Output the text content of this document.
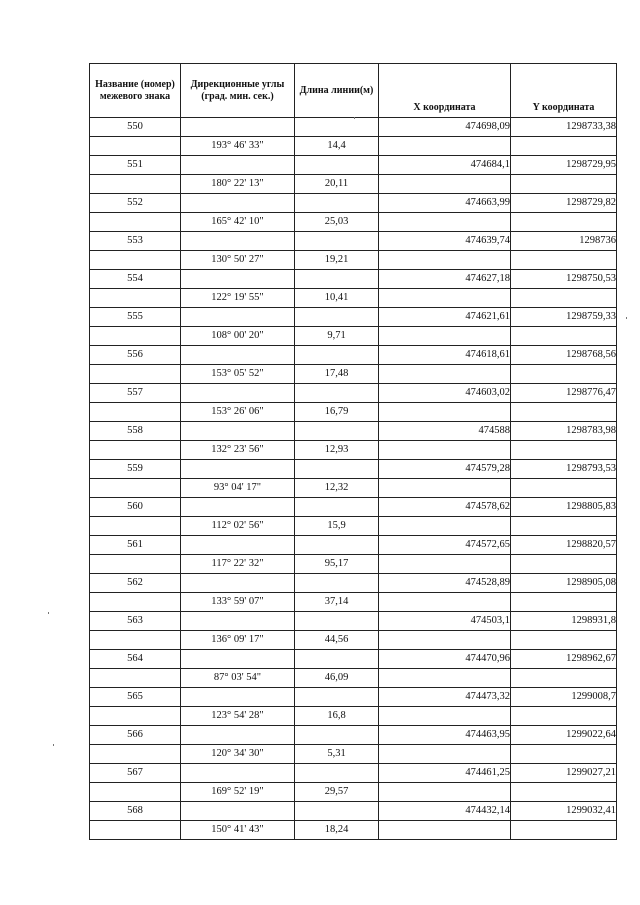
Название (номер) межевого знака	Дирекционные углы (град. мин. сек.)	Длина линии(м)	X координата	Y координата
550			474698,09	1298733,38
	193° 46' 33"	14,4		
551			474684,1	1298729,95
	180° 22' 13"	20,11		
552			474663,99	1298729,82
	165° 42' 10"	25,03		
553			474639,74	1298736
	130° 50' 27"	19,21		
554			474627,18	1298750,53
	122° 19' 55"	10,41		
555			474621,61	1298759,33
	108° 00' 20"	9,71		
556			474618,61	1298768,56
	153° 05' 52"	17,48		
557			474603,02	1298776,47
	153° 26' 06"	16,79		
558			474588	1298783,98
	132° 23' 56"	12,93		
559			474579,28	1298793,53
	93° 04' 17"	12,32		
560			474578,62	1298805,83
	112° 02' 56"	15,9		
561			474572,65	1298820,57
	117° 22' 32"	95,17		
562			474528,89	1298905,08
	133° 59' 07"	37,14		
563			474503,1	1298931,8
	136° 09' 17"	44,56		
564			474470,96	1298962,67
	87° 03' 54"	46,09		
565			474473,32	1299008,7
	123° 54' 28"	16,8		
566			474463,95	1299022,64
	120° 34' 30"	5,31		
567			474461,25	1299027,21
	169° 52' 19"	29,57		
568			474432,14	1299032,41
	150° 41' 43"	18,24		
